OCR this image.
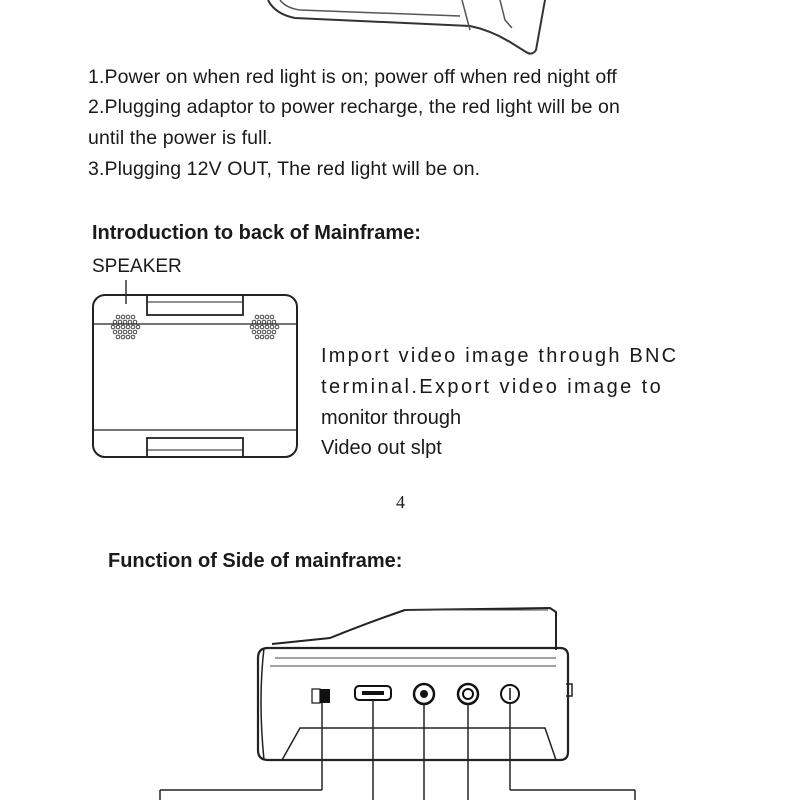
1.Power on when red light is on; power off when red night off
2.Plugging adaptor to power recharge, the red light will be on
until the power is full.
3.Plugging 12V OUT, The red light will be on.
Introduction to back of Mainframe:
SPEAKER
Import video image through BNC
terminal.Export video image to
monitor through
Video out slpt
4
Function of Side of mainframe:
